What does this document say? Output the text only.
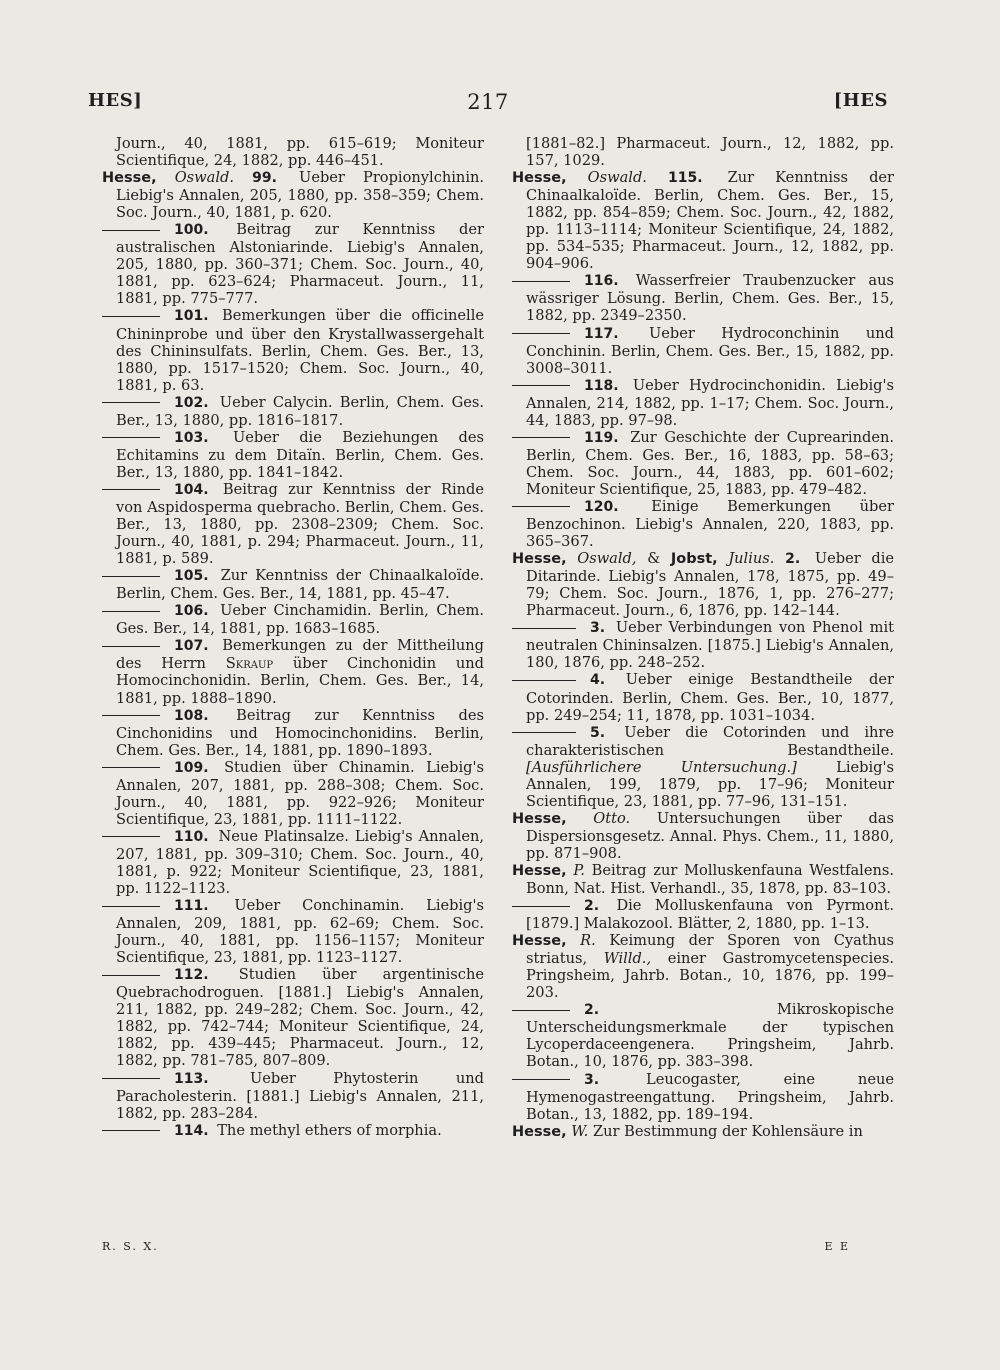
HES]	217	[HES
Journ., 40, 1881, pp. 615–619; Moniteur Scientifique, 24, 1882, pp. 446–451.
Hesse, Oswald. 99. Ueber Propionylchinin. Liebig's Annalen, 205, 1880, pp. 358–359; Chem. Soc. Journ., 40, 1881, p. 620.
100. Beitrag zur Kenntniss der australischen Alstoniarinde. Liebig's Annalen, 205, 1880, pp. 360–371; Chem. Soc. Journ., 40, 1881, pp. 623–624; Pharmaceut. Journ., 11, 1881, pp. 775–777.
101. Bemerkungen über die officinelle Chininprobe und über den Krystallwassergehalt des Chininsulfats. Berlin, Chem. Ges. Ber., 13, 1880, pp. 1517–1520; Chem. Soc. Journ., 40, 1881, p. 63.
102. Ueber Calycin. Berlin, Chem. Ges. Ber., 13, 1880, pp. 1816–1817.
103. Ueber die Beziehungen des Echitamins zu dem Ditaïn. Berlin, Chem. Ges. Ber., 13, 1880, pp. 1841–1842.
104. Beitrag zur Kenntniss der Rinde von Aspidosperma quebracho. Berlin, Chem. Ges. Ber., 13, 1880, pp. 2308–2309; Chem. Soc. Journ., 40, 1881, p. 294; Pharmaceut. Journ., 11, 1881, p. 589.
105. Zur Kenntniss der Chinaalkaloïde. Berlin, Chem. Ges. Ber., 14, 1881, pp. 45–47.
106. Ueber Cinchamidin. Berlin, Chem. Ges. Ber., 14, 1881, pp. 1683–1685.
107. Bemerkungen zu der Mittheilung des Herrn Skraup über Cinchonidin und Homocinchonidin. Berlin, Chem. Ges. Ber., 14, 1881, pp. 1888–1890.
108. Beitrag zur Kenntniss des Cinchonidins und Homocinchonidins. Berlin, Chem. Ges. Ber., 14, 1881, pp. 1890–1893.
109. Studien über Chinamin. Liebig's Annalen, 207, 1881, pp. 288–308; Chem. Soc. Journ., 40, 1881, pp. 922–926; Moniteur Scientifique, 23, 1881, pp. 1111–1122.
110. Neue Platinsalze. Liebig's Annalen, 207, 1881, pp. 309–310; Chem. Soc. Journ., 40, 1881, p. 922; Moniteur Scientifique, 23, 1881, pp. 1122–1123.
111. Ueber Conchinamin. Liebig's Annalen, 209, 1881, pp. 62–69; Chem. Soc. Journ., 40, 1881, pp. 1156–1157; Moniteur Scientifique, 23, 1881, pp. 1123–1127.
112. Studien über argentinische Quebrachodroguen. [1881.] Liebig's Annalen, 211, 1882, pp. 249–282; Chem. Soc. Journ., 42, 1882, pp. 742–744; Moniteur Scientifique, 24, 1882, pp. 439–445; Pharmaceut. Journ., 12, 1882, pp. 781–785, 807–809.
113.	Ueber Phytosterin und Paracholesterin. [1881.] Liebig's Annalen, 211, 1882, pp. 283–284.
114. The methyl ethers of morphia.
[1881–82.] Pharmaceut. Journ., 12, 1882, pp. 157, 1029.
Hesse, Oswald. 115. Zur Kenntniss der Chinaalkaloïde. Berlin, Chem. Ges. Ber., 15, 1882, pp. 854–859; Chem. Soc. Journ., 42, 1882, pp. 1113–1114; Moniteur Scientifique, 24, 1882, pp. 534–535; Pharmaceut. Journ., 12, 1882, pp. 904–906.
116. Wasserfreier Traubenzucker aus wässriger Lösung. Berlin, Chem. Ges. Ber., 15, 1882, pp. 2349–2350.
117. Ueber Hydroconchinin und Conchinin. Berlin, Chem. Ges. Ber., 15, 1882, pp. 3008–3011.
118. Ueber Hydrocinchonidin. Liebig's Annalen, 214, 1882, pp. 1–17; Chem. Soc. Journ., 44, 1883, pp. 97–98.
119. Zur Geschichte der Cuprearinden. Berlin, Chem. Ges. Ber., 16, 1883, pp. 58–63; Chem. Soc. Journ., 44, 1883, pp. 601–602; Moniteur Scientifique, 25, 1883, pp. 479–482.
120. Einige Bemerkungen über Benzochinon. Liebig's Annalen, 220, 1883, pp. 365–367.
Hesse, Oswald, & Jobst, Julius. 2. Ueber die Ditarinde. Liebig's Annalen, 178, 1875, pp. 49–79; Chem. Soc. Journ., 1876, 1, pp. 276–277; Pharmaceut. Journ., 6, 1876, pp. 142–144.
3. Ueber Verbindungen von Phenol mit neutralen Chininsalzen. [1875.] Liebig's Annalen, 180, 1876, pp. 248–252.
4. Ueber einige Bestandtheile der Cotorinden. Berlin, Chem. Ges. Ber., 10, 1877, pp. 249–254; 11, 1878, pp. 1031–1034.
5. Ueber die Cotorinden und ihre charakteristischen Bestandtheile. [Ausführlichere Untersuchung.]	Liebig's Annalen, 199, 1879, pp. 17–96; Moniteur Scientifique, 23, 1881, pp. 77–96, 131–151.
Hesse, Otto. Untersuchungen über das Dispersionsgesetz. Annal. Phys. Chem., 11, 1880, pp. 871–908.
Hesse, P. Beitrag zur Molluskenfauna Westfalens. Bonn, Nat. Hist. Verhandl., 35, 1878, pp. 83–103.
2. Die Molluskenfauna von Pyrmont. [1879.] Malakozool. Blätter, 2, 1880, pp. 1–13.
Hesse, R. Keimung der Sporen von Cyathus striatus, Willd., einer Gastromycetenspecies. Pringsheim, Jahrb. Botan., 10, 1876, pp. 199–203.
2.	Mikroskopische Unterscheidungsmerkmale der typischen Lycoperdaceengenera. Pringsheim, Jahrb. Botan., 10, 1876, pp. 383–398.
3.	Leucogaster, eine neue Hymenogastreengattung. Pringsheim, Jahrb. Botan., 13, 1882, pp. 189–194.
Hesse, W. Zur Bestimmung der Kohlensäure in
R. S. X.	E E
